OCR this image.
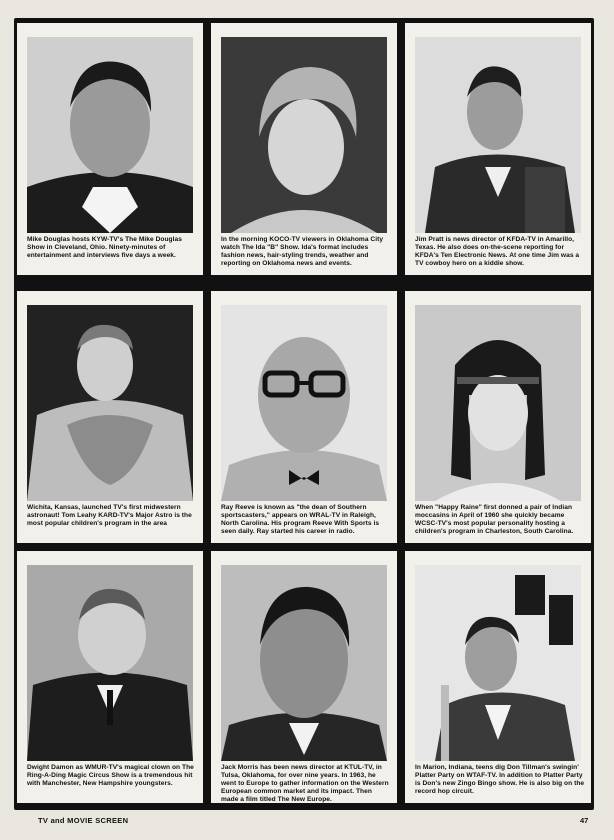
Mike Douglas hosts KYW-TV's The Mike Douglas Show in Cleveland, Ohio. Ninety-minutes of entertainment and interviews five days a week.
In the morning KOCO-TV viewers in Oklahoma City watch The Ida "B" Show. Ida's format includes fashion news, hair-styling trends, weather and reporting on Oklahoma news and events.
Jim Pratt is news director of KFDA-TV in Amarillo, Texas. He also does on-the-scene reporting for KFDA's Ten Electronic News. At one time Jim was a TV cowboy hero on a kiddie show.
Wichita, Kansas, launched TV's first midwestern astronaut! Tom Leahy KARD-TV's Major Astro is the most popular children's program in the area
Ray Reeve is known as "the dean of Southern sportscasters," appears on WRAL-TV in Raleigh, North Carolina. His program Reeve With Sports is seen daily. Ray started his career in radio.
When "Happy Raine" first donned a pair of Indian moccasins in April of 1960 she quickly became WCSC-TV's most popular personality hosting a children's program in Charleston, South Carolina.
Dwight Damon as WMUR-TV's magical clown on The Ring-A-Ding Magic Circus Show is a tremendous hit with Manchester, New Hampshire youngsters.
Jack Morris has been news director at KTUL-TV, in Tulsa, Oklahoma, for over nine years. In 1963, he went to Europe to gather information on the Western European common market and its impact. Then made a film titled The New Europe.
In Marion, Indiana, teens dig Don Tillman's swingin' Platter Party on WTAF-TV. In addition to Platter Party is Don's new Zingo Bingo show. He is also big on the record hop circuit.
TV and MOVIE SCREEN	47
